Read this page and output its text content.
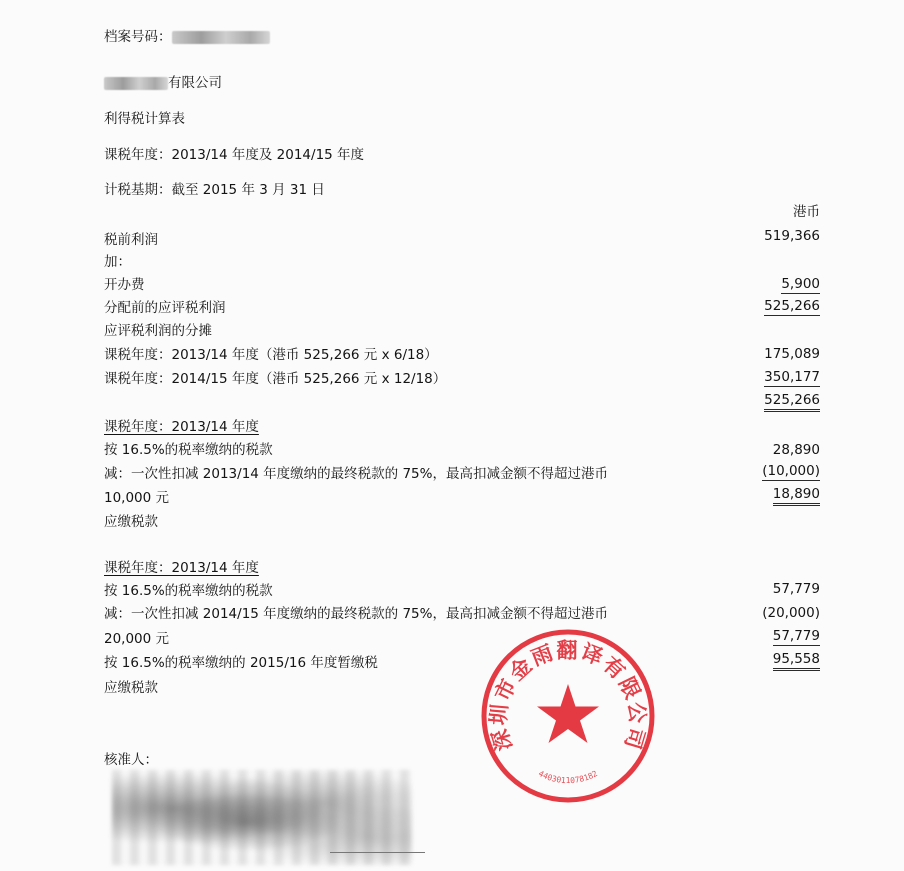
档案号码：
有限公司
利得税计算表
课税年度：2013/14 年度及 2014/15 年度
计税基期：截至 2015 年 3 月 31 日
港币
税前利润	519,366
加：
开办费	5,900
分配前的应评税利润	525,266
应评税利润的分摊
课税年度：2013/14 年度（港币 525,266 元 x 6/18）	175,089
课税年度：2014/15 年度（港币 525,266 元 x 12/18）	350,177
525,266
课税年度：2013/14 年度
按 16.5%的税率缴纳的税款	28,890
减：一次性扣减 2013/14 年度缴纳的最终税款的 75%，最高扣减金额不得超过港币	(10,000)
10,000 元	18,890
应缴税款
课税年度：2013/14 年度
按 16.5%的税率缴纳的税款	57,779
减：一次性扣减 2014/15 年度缴纳的最终税款的 75%，最高扣减金额不得超过港币	(20,000)
20,000 元	57,779
按 16.5%的税率缴纳的 2015/16 年度暂缴税	95,558
应缴税款
核准人：
深圳市金雨翻译有限公司
4403011078182
